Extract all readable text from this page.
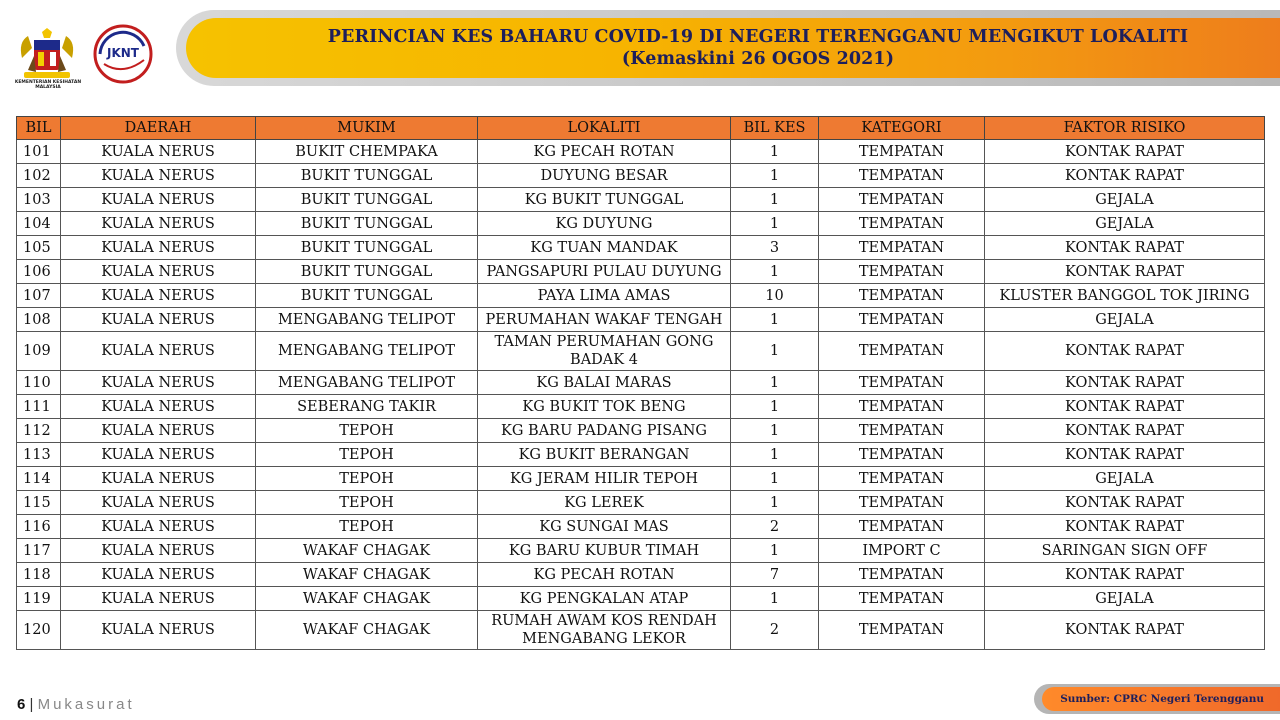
KEMENTERIAN KESIHATAN MALAYSIA
JKNT
PERINCIAN KES BAHARU COVID-19 DI NEGERI TERENGGANU MENGIKUT LOKALITI
(Kemaskini 26 OGOS 2021)
BIL	DAERAH	MUKIM	LOKALITI	BIL KES	KATEGORI	FAKTOR RISIKO
101	KUALA NERUS	BUKIT CHEMPAKA	KG PECAH ROTAN	1	TEMPATAN	KONTAK RAPAT
102	KUALA NERUS	BUKIT TUNGGAL	DUYUNG BESAR	1	TEMPATAN	KONTAK RAPAT
103	KUALA NERUS	BUKIT TUNGGAL	KG BUKIT TUNGGAL	1	TEMPATAN	GEJALA
104	KUALA NERUS	BUKIT TUNGGAL	KG DUYUNG	1	TEMPATAN	GEJALA
105	KUALA NERUS	BUKIT TUNGGAL	KG TUAN MANDAK	3	TEMPATAN	KONTAK RAPAT
106	KUALA NERUS	BUKIT TUNGGAL	PANGSAPURI PULAU DUYUNG	1	TEMPATAN	KONTAK RAPAT
107	KUALA NERUS	BUKIT TUNGGAL	PAYA LIMA AMAS	10	TEMPATAN	KLUSTER BANGGOL TOK JIRING
108	KUALA NERUS	MENGABANG TELIPOT	PERUMAHAN WAKAF TENGAH	1	TEMPATAN	GEJALA
109	KUALA NERUS	MENGABANG TELIPOT	TAMAN PERUMAHAN GONG BADAK 4	1	TEMPATAN	KONTAK RAPAT
110	KUALA NERUS	MENGABANG TELIPOT	KG BALAI MARAS	1	TEMPATAN	KONTAK RAPAT
111	KUALA NERUS	SEBERANG TAKIR	KG BUKIT TOK BENG	1	TEMPATAN	KONTAK RAPAT
112	KUALA NERUS	TEPOH	KG BARU PADANG PISANG	1	TEMPATAN	KONTAK RAPAT
113	KUALA NERUS	TEPOH	KG BUKIT BERANGAN	1	TEMPATAN	KONTAK RAPAT
114	KUALA NERUS	TEPOH	KG JERAM HILIR TEPOH	1	TEMPATAN	GEJALA
115	KUALA NERUS	TEPOH	KG LEREK	1	TEMPATAN	KONTAK RAPAT
116	KUALA NERUS	TEPOH	KG SUNGAI MAS	2	TEMPATAN	KONTAK RAPAT
117	KUALA NERUS	WAKAF CHAGAK	KG BARU KUBUR TIMAH	1	IMPORT C	SARINGAN SIGN OFF
118	KUALA NERUS	WAKAF CHAGAK	KG PECAH ROTAN	7	TEMPATAN	KONTAK RAPAT
119	KUALA NERUS	WAKAF CHAGAK	KG PENGKALAN ATAP	1	TEMPATAN	GEJALA
120	KUALA NERUS	WAKAF CHAGAK	RUMAH AWAM KOS RENDAH MENGABANG LEKOR	2	TEMPATAN	KONTAK RAPAT
6 | Mukasurat	Sumber: CPRC Negeri Terengganu
